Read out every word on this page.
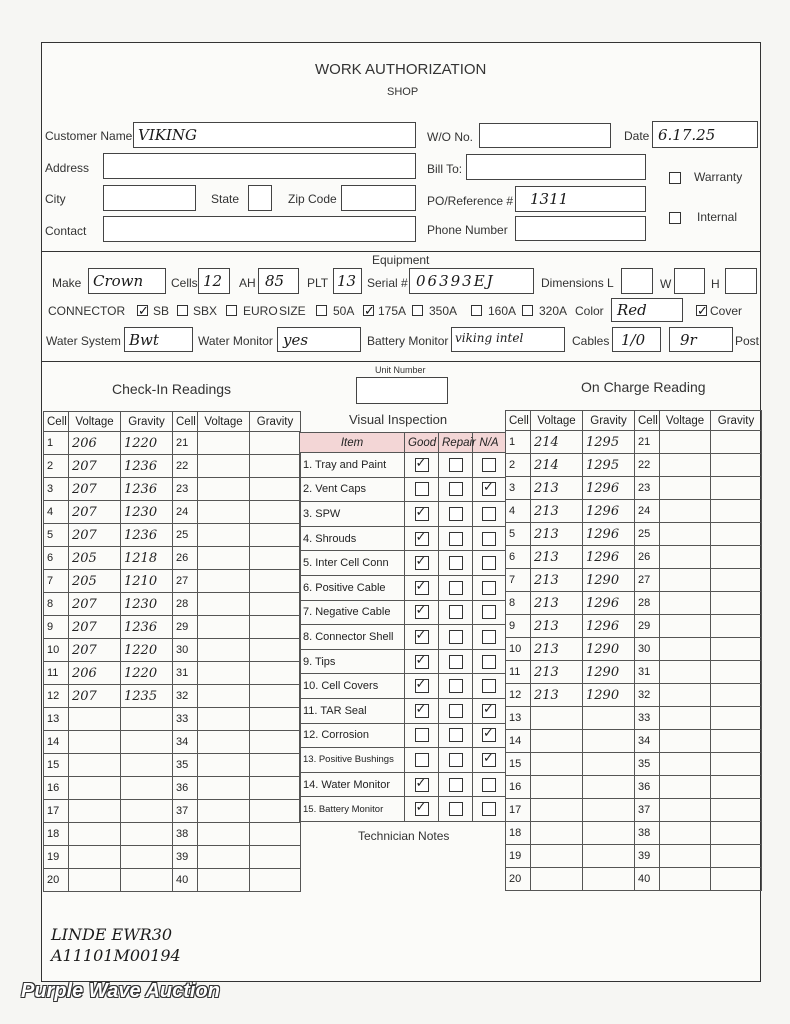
WORK AUTHORIZATION
SHOP
Customer Name VIKING
Address
City	State	Zip Code
Contact
W/O No.	Date 6.17.25
Bill To:
PO/Reference # 1311
Phone Number
Warranty
Internal
Equipment
Make Crown Cells 12 AH 85 PLT 13 Serial # 06393EJ	Dimensions L	W	H
CONNECTOR ✓ SB SBX EURO SIZE 50A ✓ 175A 350A	160A 320A Color Red	✓ Cover
Water System Bwt	Water Monitor yes	Battery Monitor viking intel	Cables 1/0 9r	Post
Unit Number
Check-In Readings	On Charge Reading
Visual Inspection
Cell	Voltage	Gravity	Cell	Voltage	Gravity
1	206	1220	21		
2	207	1236	22		
3	207	1236	23		
4	207	1230	24		
5	207	1236	25		
6	205	1218	26		
7	205	1210	27		
8	207	1230	28		
9	207	1236	29		
10	207	1220	30		
11	206	1220	31		
12	207	1235	32		
13			33		
14			34		
15			35		
16			36		
17			37		
18			38		
19			39		
20			40		
Cell	Voltage	Gravity	Cell	Voltage	Gravity
1	214	1295	21		
2	214	1295	22		
3	213	1296	23		
4	213	1296	24		
5	213	1296	25		
6	213	1296	26		
7	213	1290	27		
8	213	1296	28		
9	213	1296	29		
10	213	1290	30		
11	213	1290	31		
12	213	1290	32		
13			33		
14			34		
15			35		
16			36		
17			37		
18			38		
19			39		
20			40		
Item	Good	Repair	N/A
1. Tray and Paint	✓		

2. Vent Caps			✓

3. SPW	✓		

4. Shrouds	✓		

5. Inter Cell Conn	✓		

6. Positive Cable	✓		

7. Negative Cable	✓		

8. Connector Shell	✓		

9. Tips	✓		

10. Cell Covers	✓		

11. TAR Seal	✓		✓

12. Corrosion			✓

13. Positive Bushings			✓

14. Water Monitor	✓		

15. Battery Monitor	✓		

Technician Notes
LINDE EWR30
A11101M00194
Purple Wave Auction
